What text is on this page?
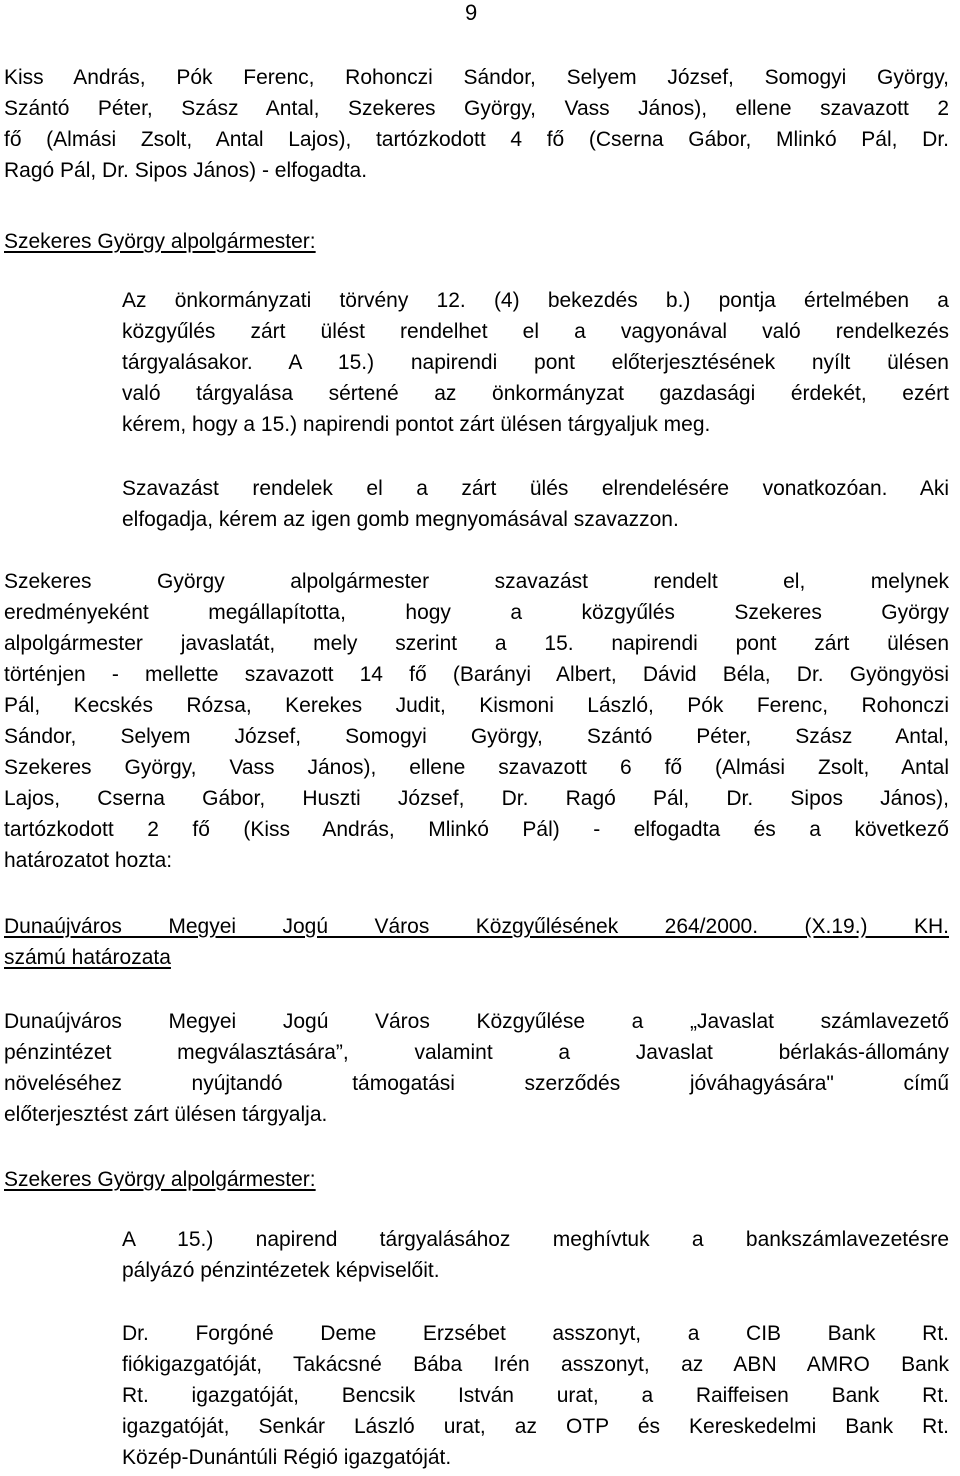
9
Kiss András, Pók Ferenc, Rohonczi Sándor, Selyem József, Somogyi György,
Szántó Péter, Szász Antal, Szekeres György, Vass János), ellene szavazott 2
fő (Almási Zsolt, Antal Lajos), tartózkodott 4 fő (Cserna Gábor, Mlinkó Pál, Dr.
Ragó Pál, Dr. Sipos János) - elfogadta.
Szekeres György alpolgármester:
Az önkormányzati törvény 12. (4) bekezdés b.) pontja értelmében a
közgyűlés zárt ülést rendelhet el a vagyonával való rendelkezés
tárgyalásakor. A 15.) napirendi pont előterjesztésének nyílt ülésen
való tárgyalása sértené az önkormányzat gazdasági érdekét, ezért
kérem, hogy a 15.) napirendi pontot zárt ülésen tárgyaljuk meg.
Szavazást rendelek el a zárt ülés elrendelésére vonatkozóan. Aki
elfogadja, kérem az igen gomb megnyomásával szavazzon.
Szekeres György alpolgármester szavazást rendelt el, melynek
eredményeként megállapította, hogy a közgyűlés Szekeres György
alpolgármester javaslatát, mely szerint a 15. napirendi pont zárt ülésen
történjen - mellette szavazott 14 fő (Barányi Albert, Dávid Béla, Dr. Gyöngyösi
Pál, Kecskés Rózsa, Kerekes Judit, Kismoni László, Pók Ferenc, Rohonczi
Sándor, Selyem József, Somogyi György, Szántó Péter, Szász Antal,
Szekeres György, Vass János), ellene szavazott 6 fő (Almási Zsolt, Antal
Lajos, Cserna Gábor, Huszti József, Dr. Ragó Pál, Dr. Sipos János),
tartózkodott 2 fő (Kiss András, Mlinkó Pál) - elfogadta és a következő
határozatot hozta:
Dunaújváros Megyei Jogú Város Közgyűlésének 264/2000. (X.19.) KH.
számú határozata
Dunaújváros Megyei Jogú Város Közgyűlése a „Javaslat számlavezető
pénzintézet megválasztására”, valamint a Javaslat bérlakás-állomány
növeléséhez nyújtandó támogatási szerződés jóváhagyására" című
előterjesztést zárt ülésen tárgyalja.
Szekeres György alpolgármester:
A 15.) napirend tárgyalásához meghívtuk a bankszámlavezetésre
pályázó pénzintézetek képviselőit.
Dr. Forgóné Deme Erzsébet asszonyt, a CIB Bank Rt.
fiókigazgatóját, Takácsné Bába Irén asszonyt, az ABN AMRO Bank
Rt. igazgatóját, Bencsik István urat, a Raiffeisen Bank Rt.
igazgatóját, Senkár László urat, az OTP és Kereskedelmi Bank Rt.
Közép-Dunántúli Régió igazgatóját.
